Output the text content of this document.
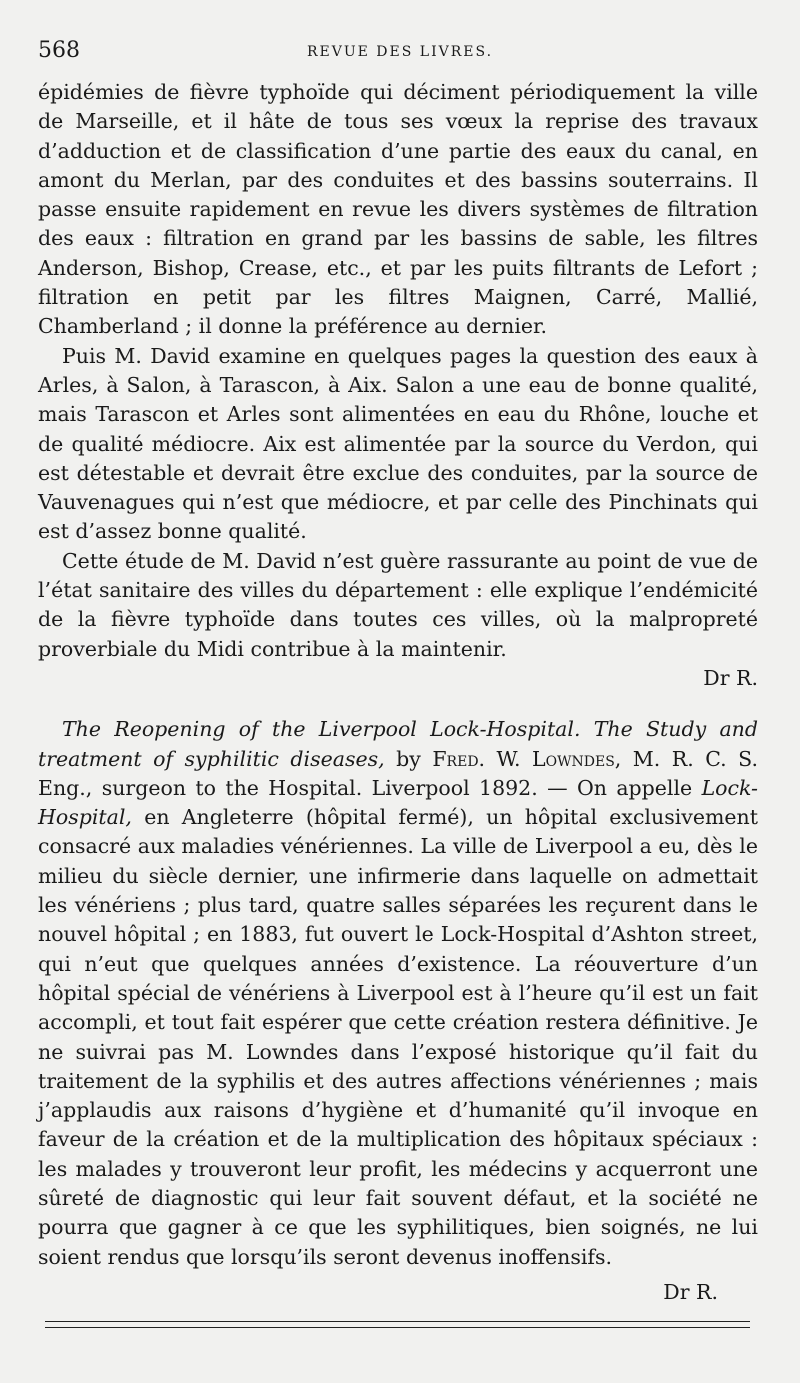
568	REVUE DES LIVRES.

épidémies de fièvre typhoïde qui déciment périodiquement la ville de Marseille, et il hâte de tous ses vœux la reprise des travaux d’adduction et de classification d’une partie des eaux du canal, en amont du Merlan, par des conduites et des bassins souterrains. Il passe ensuite rapidement en revue les divers systèmes de filtration des eaux : filtration en grand par les bassins de sable, les filtres Anderson, Bishop, Crease, etc., et par les puits filtrants de Lefort ; filtration en petit par les filtres Maignen, Carré, Mallié, Chamberland ; il donne la préférence au dernier.

Puis M. David examine en quelques pages la question des eaux à Arles, à Salon, à Tarascon, à Aix. Salon a une eau de bonne qualité, mais Tarascon et Arles sont alimentées en eau du Rhône, louche et de qualité médiocre. Aix est alimentée par la source du Verdon, qui est détestable et devrait être exclue des conduites, par la source de Vauvenagues qui n’est que médiocre, et par celle des Pinchinats qui est d’assez bonne qualité.

Cette étude de M. David n’est guère rassurante au point de vue de l’état sanitaire des villes du département : elle explique l’endémicité de la fièvre typhoïde dans toutes ces villes, où la malpropreté proverbiale du Midi contribue à la maintenir.

Dr R.

The Reopening of the Liverpool Lock-Hospital. The Study and treatment of syphilitic diseases, by Fred. W. Lowndes, M. R. C. S. Eng., surgeon to the Hospital. Liverpool 1892. — On appelle Lock-Hospital, en Angleterre (hôpital fermé), un hôpital exclusivement consacré aux maladies vénériennes. La ville de Liverpool a eu, dès le milieu du siècle dernier, une infirmerie dans laquelle on admettait les vénériens ; plus tard, quatre salles séparées les reçurent dans le nouvel hôpital ; en 1883, fut ouvert le Lock-Hospital d’Ashton street, qui n’eut que quelques années d’existence. La réouverture d’un hôpital spécial de vénériens à Liverpool est à l’heure qu’il est un fait accompli, et tout fait espérer que cette création restera définitive. Je ne suivrai pas M. Lowndes dans l’exposé historique qu’il fait du traitement de la syphilis et des autres affections vénériennes ; mais j’applaudis aux raisons d’hygiène et d’humanité qu’il invoque en faveur de la création et de la multiplication des hôpitaux spéciaux : les malades y trouveront leur profit, les médecins y acquerront une sûreté de diagnostic qui leur fait souvent défaut, et la société ne pourra que gagner à ce que les syphilitiques, bien soignés, ne lui soient rendus que lorsqu’ils seront devenus inoffensifs.

Dr R.
